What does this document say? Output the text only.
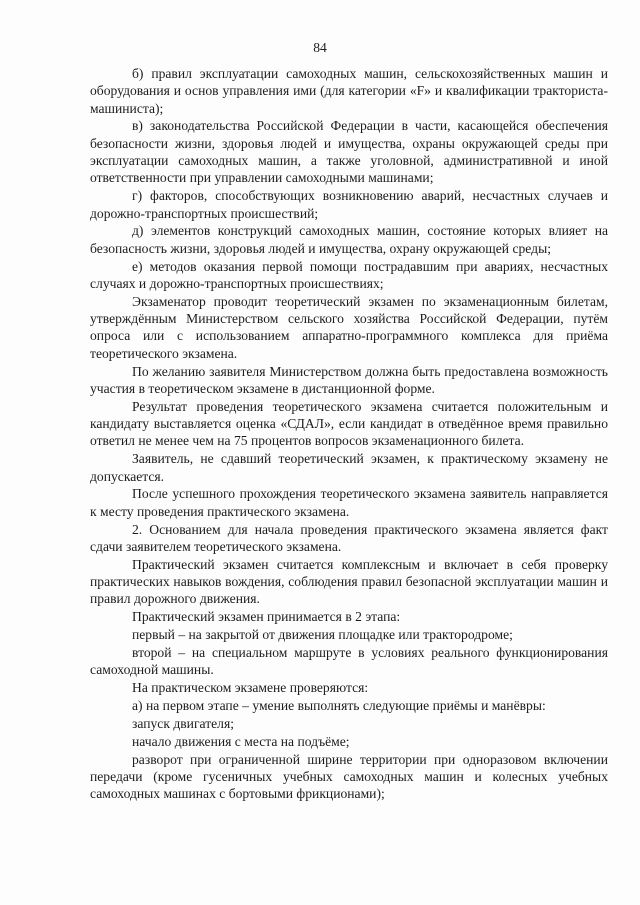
84

б) правил эксплуатации самоходных машин, сельскохозяйственных машин и оборудования и основ управления ими (для категории «F» и квалификации тракториста-машиниста);

в) законодательства Российской Федерации в части, касающейся обеспечения безопасности жизни, здоровья людей и имущества, охраны окружающей среды при эксплуатации самоходных машин, а также уголовной, административной и иной ответственности при управлении самоходными машинами;

г) факторов, способствующих возникновению аварий, несчастных случаев и дорожно-транспортных происшествий;

д) элементов конструкций самоходных машин, состояние которых влияет на безопасность жизни, здоровья людей и имущества, охрану окружающей среды;

е) методов оказания первой помощи пострадавшим при авариях, несчастных случаях и дорожно-транспортных происшествиях;

Экзаменатор проводит теоретический экзамен по экзаменационным билетам, утверждённым Министерством сельского хозяйства Российской Федерации, путём опроса или с использованием аппаратно-программного комплекса для приёма теоретического экзамена.

По желанию заявителя Министерством должна быть предоставлена возможность участия в теоретическом экзамене в дистанционной форме.

Результат проведения теоретического экзамена считается положительным и кандидату выставляется оценка «СДАЛ», если кандидат в отведённое время правильно ответил не менее чем на 75 процентов вопросов экзаменационного билета.

Заявитель, не сдавший теоретический экзамен, к практическому экзамену не допускается.

После успешного прохождения теоретического экзамена заявитель направляется к месту проведения практического экзамена.

2. Основанием для начала проведения практического экзамена является факт сдачи заявителем теоретического экзамена.

Практический экзамен считается комплексным и включает в себя проверку практических навыков вождения, соблюдения правил безопасной эксплуатации машин и правил дорожного движения.

Практический экзамен принимается в 2 этапа:

первый – на закрытой от движения площадке или трактородроме;

второй – на специальном маршруте в условиях реального функционирования самоходной машины.

На практическом экзамене проверяются:

а) на первом этапе – умение выполнять следующие приёмы и манёвры:

запуск двигателя;

начало движения с места на подъёме;

разворот при ограниченной ширине территории при одноразовом включении передачи (кроме гусеничных учебных самоходных машин и колесных учебных самоходных машинах с бортовыми фрикционами);
